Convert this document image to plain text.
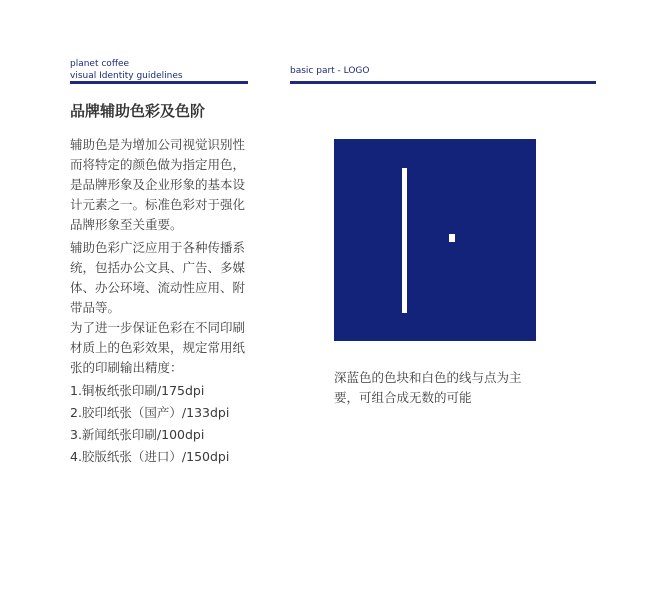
planet coffee
visual Identity guidelines	basic part - LOGO
品牌辅助色彩及色阶
辅助色是为增加公司视觉识别性而将特定的颜色做为指定用色，是品牌形象及企业形象的基本设计元素之一。标准色彩对于强化品牌形象至关重要。
辅助色彩广泛应用于各种传播系统，包括办公文具、广告、多媒体、办公环境、流动性应用、附带品等。
为了进一步保证色彩在不同印刷材质上的色彩效果，规定常用纸张的印刷输出精度：
1.铜板纸张印刷/175dpi
2.胶印纸张（国产）/133dpi
3.新闻纸张印刷/100dpi
4.胶版纸张（进口）/150dpi
深蓝色的色块和白色的线与点为主要，可组合成无数的可能
